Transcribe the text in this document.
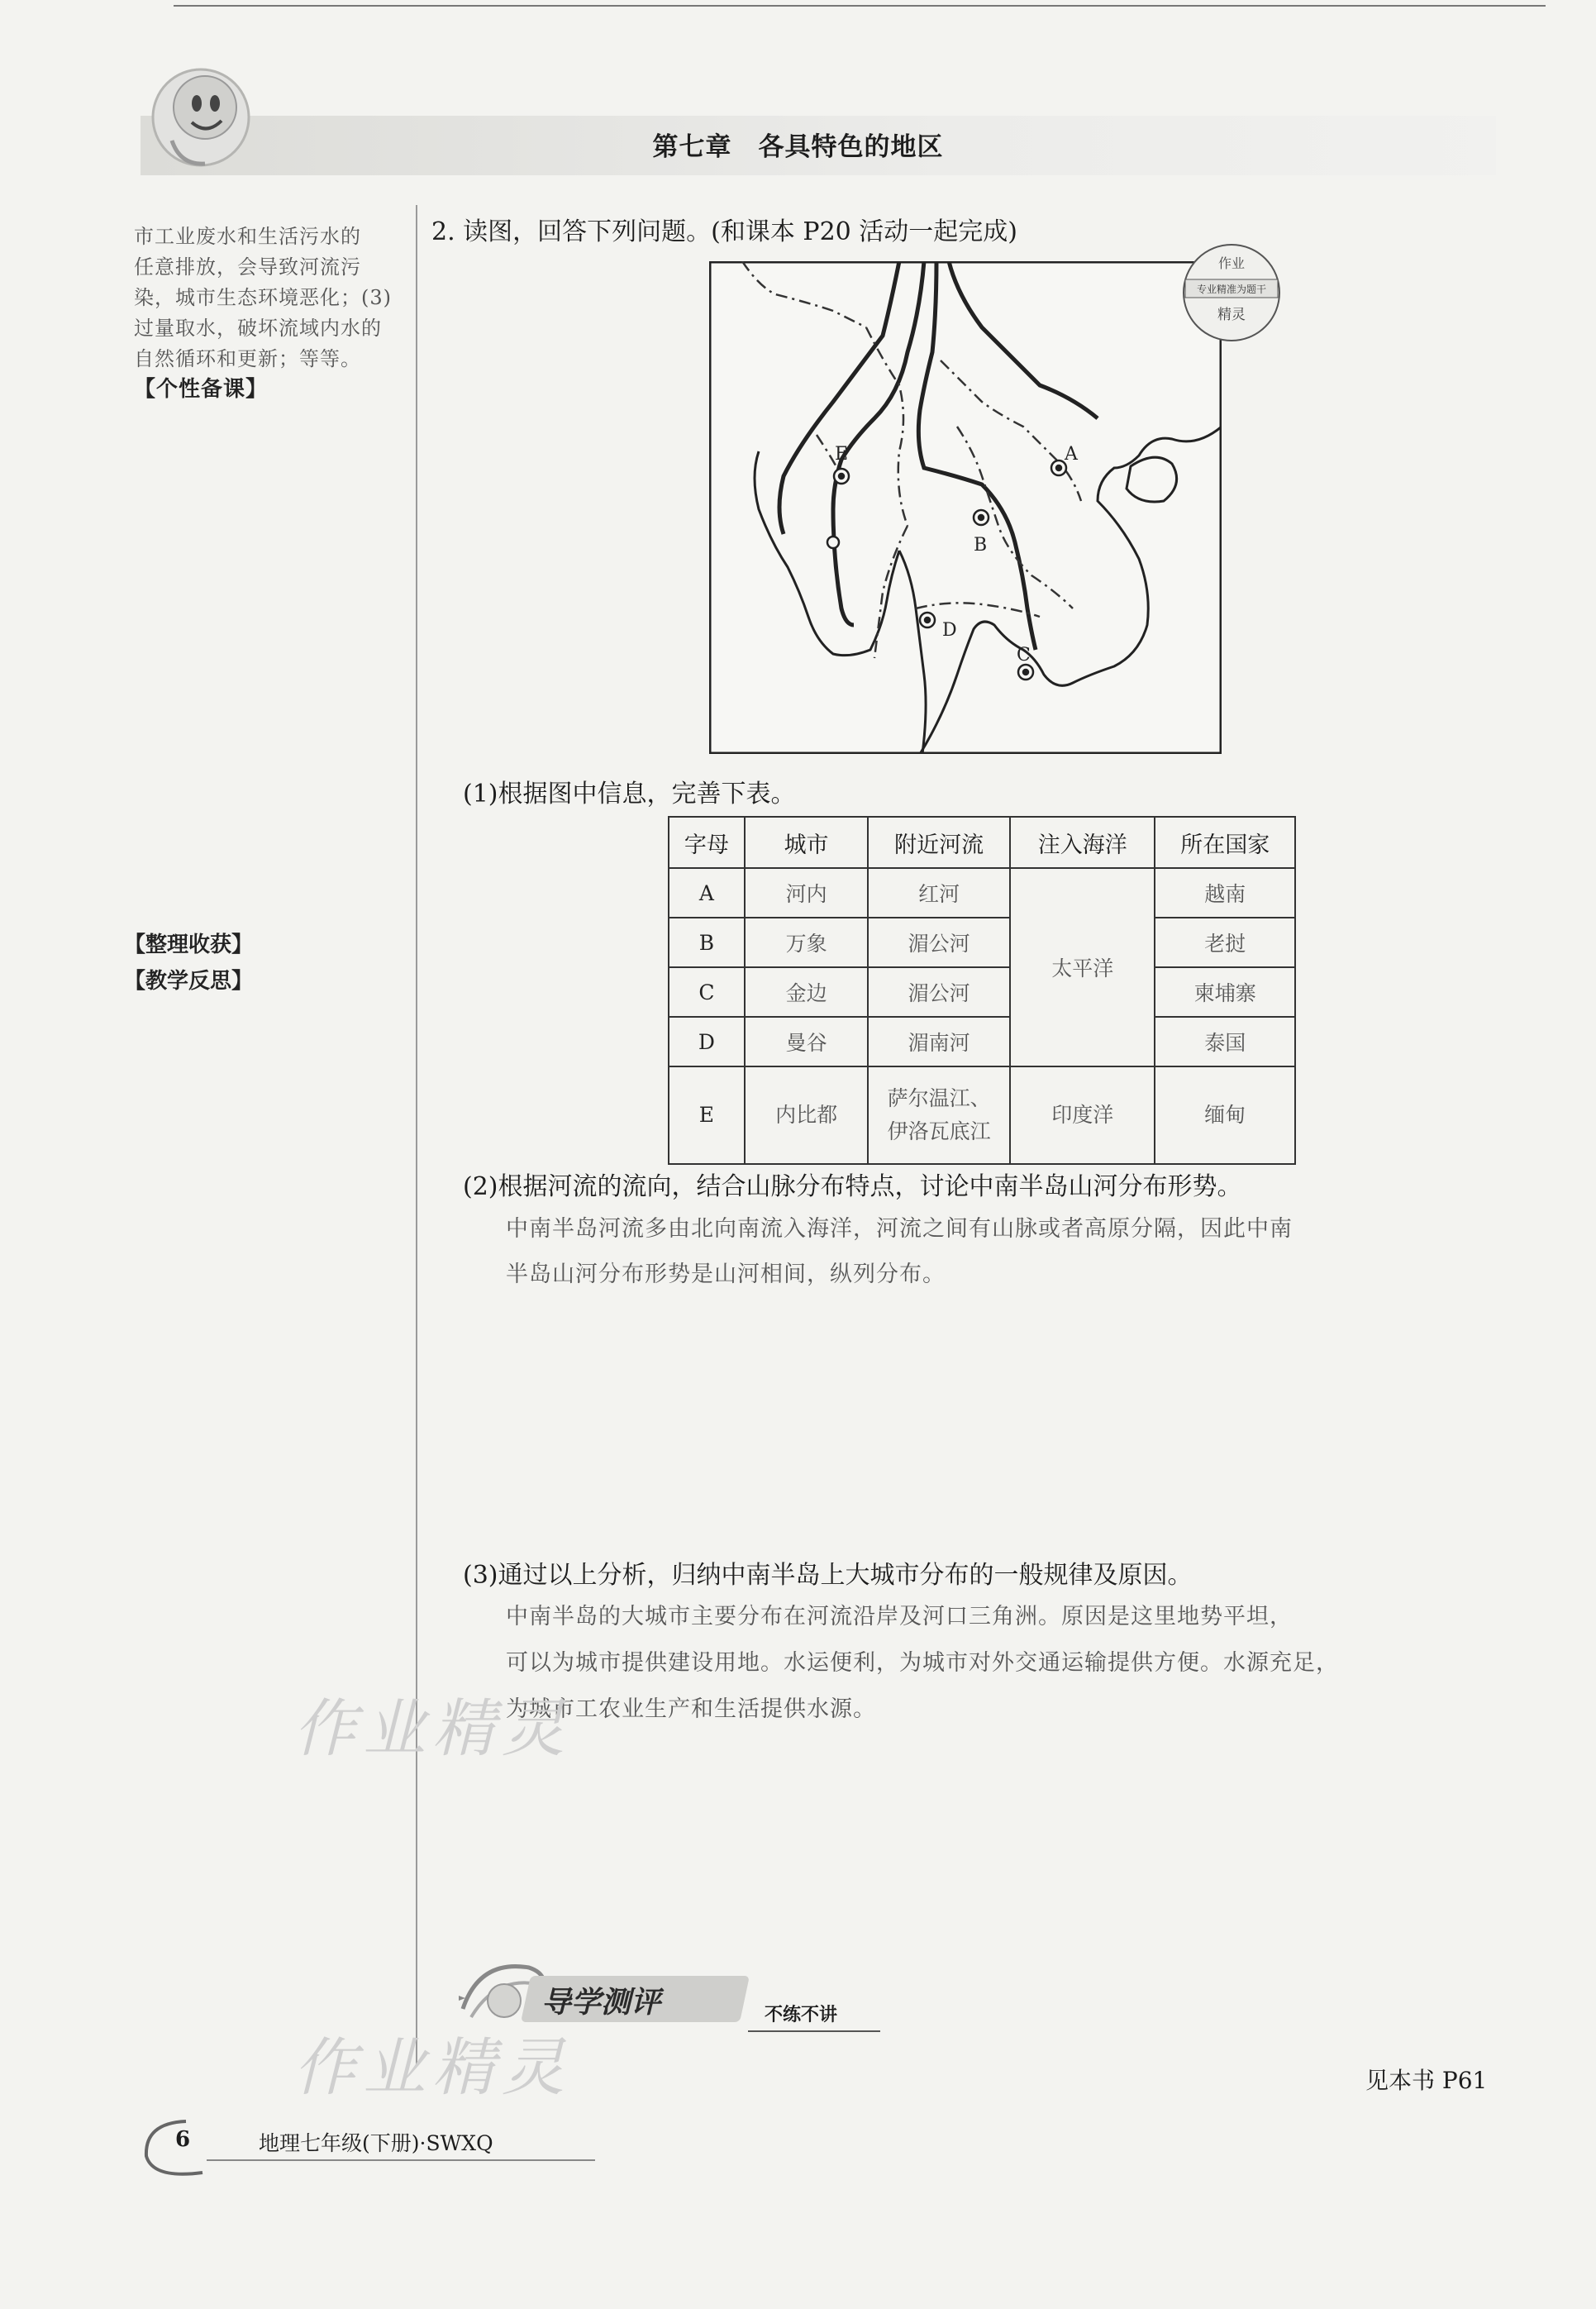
第七章　各具特色的地区
市工业废水和生活污水的
任意排放，会导致河流污
染，城市生态环境恶化；(3)
过量取水，破坏流域内水的
自然循环和更新；等等。
【个性备课】
【整理收获】
【教学反思】
2. 读图，回答下列问题。(和课本 P20 活动一起完成)
A
B
C
D
E
作业
专业精准为题干
精灵
(1)根据图中信息，完善下表。
字母	城市	附近河流	注入海洋	所在国家
A	河内	红河	太平洋	越南
B	万象	湄公河		老挝
C	金边	湄公河		柬埔寨
D	曼谷	湄南河		泰国
E	内比都	萨尔温江、
伊洛瓦底江	印度洋	缅甸
(2)根据河流的流向，结合山脉分布特点，讨论中南半岛山河分布形势。
中南半岛河流多由北向南流入海洋，河流之间有山脉或者高原分隔，因此中南
半岛山河分布形势是山河相间，纵列分布。
(3)通过以上分析，归纳中南半岛上大城市分布的一般规律及原因。
中南半岛的大城市主要分布在河流沿岸及河口三角洲。原因是这里地势平坦，
可以为城市提供建设用地。水运便利，为城市对外交通运输提供方便。水源充足，
为城市工农业生产和生活提供水源。
作业精灵
作业精灵
导学测评	不练不讲
见本书 P61
6	地理七年级(下册)·SWXQ
